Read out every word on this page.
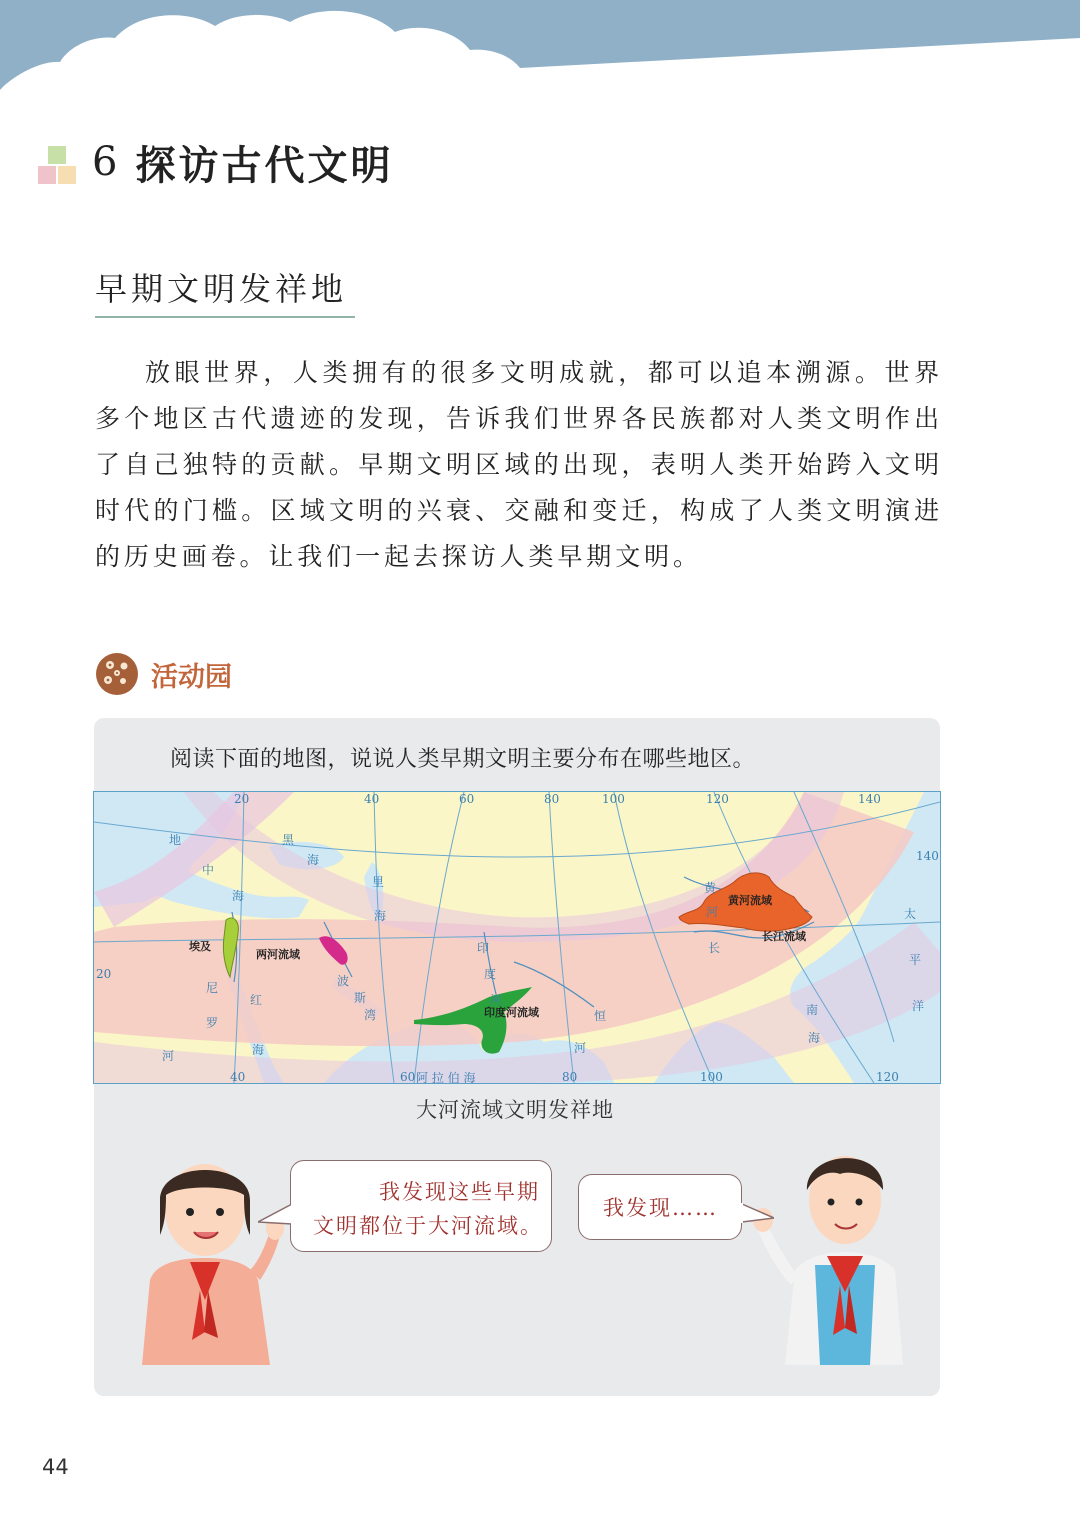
6 探访古代文明
早期文明发祥地

放眼世界，人类拥有的很多文明成就，都可以追本溯源。世界多个地区古代遗迹的发现，告诉我们世界各民族都对人类文明作出了自己独特的贡献。早期文明区域的出现，表明人类开始跨入文明时代的门槛。区域文明的兴衰、交融和变迁，构成了人类文明演进的历史画卷。让我们一起去探访人类早期文明。

活动园
阅读下面的地图，说说人类早期文明主要分布在哪些地区。
埃及
两河流域
印度河流域
黄河流域
长江流域
地
中
海
黑
海
里
海
尼
罗
河
红
海
波
斯
湾
阿 拉 伯 海
印
度
河
恒
河
黄
河
长
南
海
太
平
洋
20	40	60	80	100	120	140
40	60	80	100	120
20
140
大河流域文明发祥地
我发现这些早期
文明都位于大河流域。
我发现……
44
